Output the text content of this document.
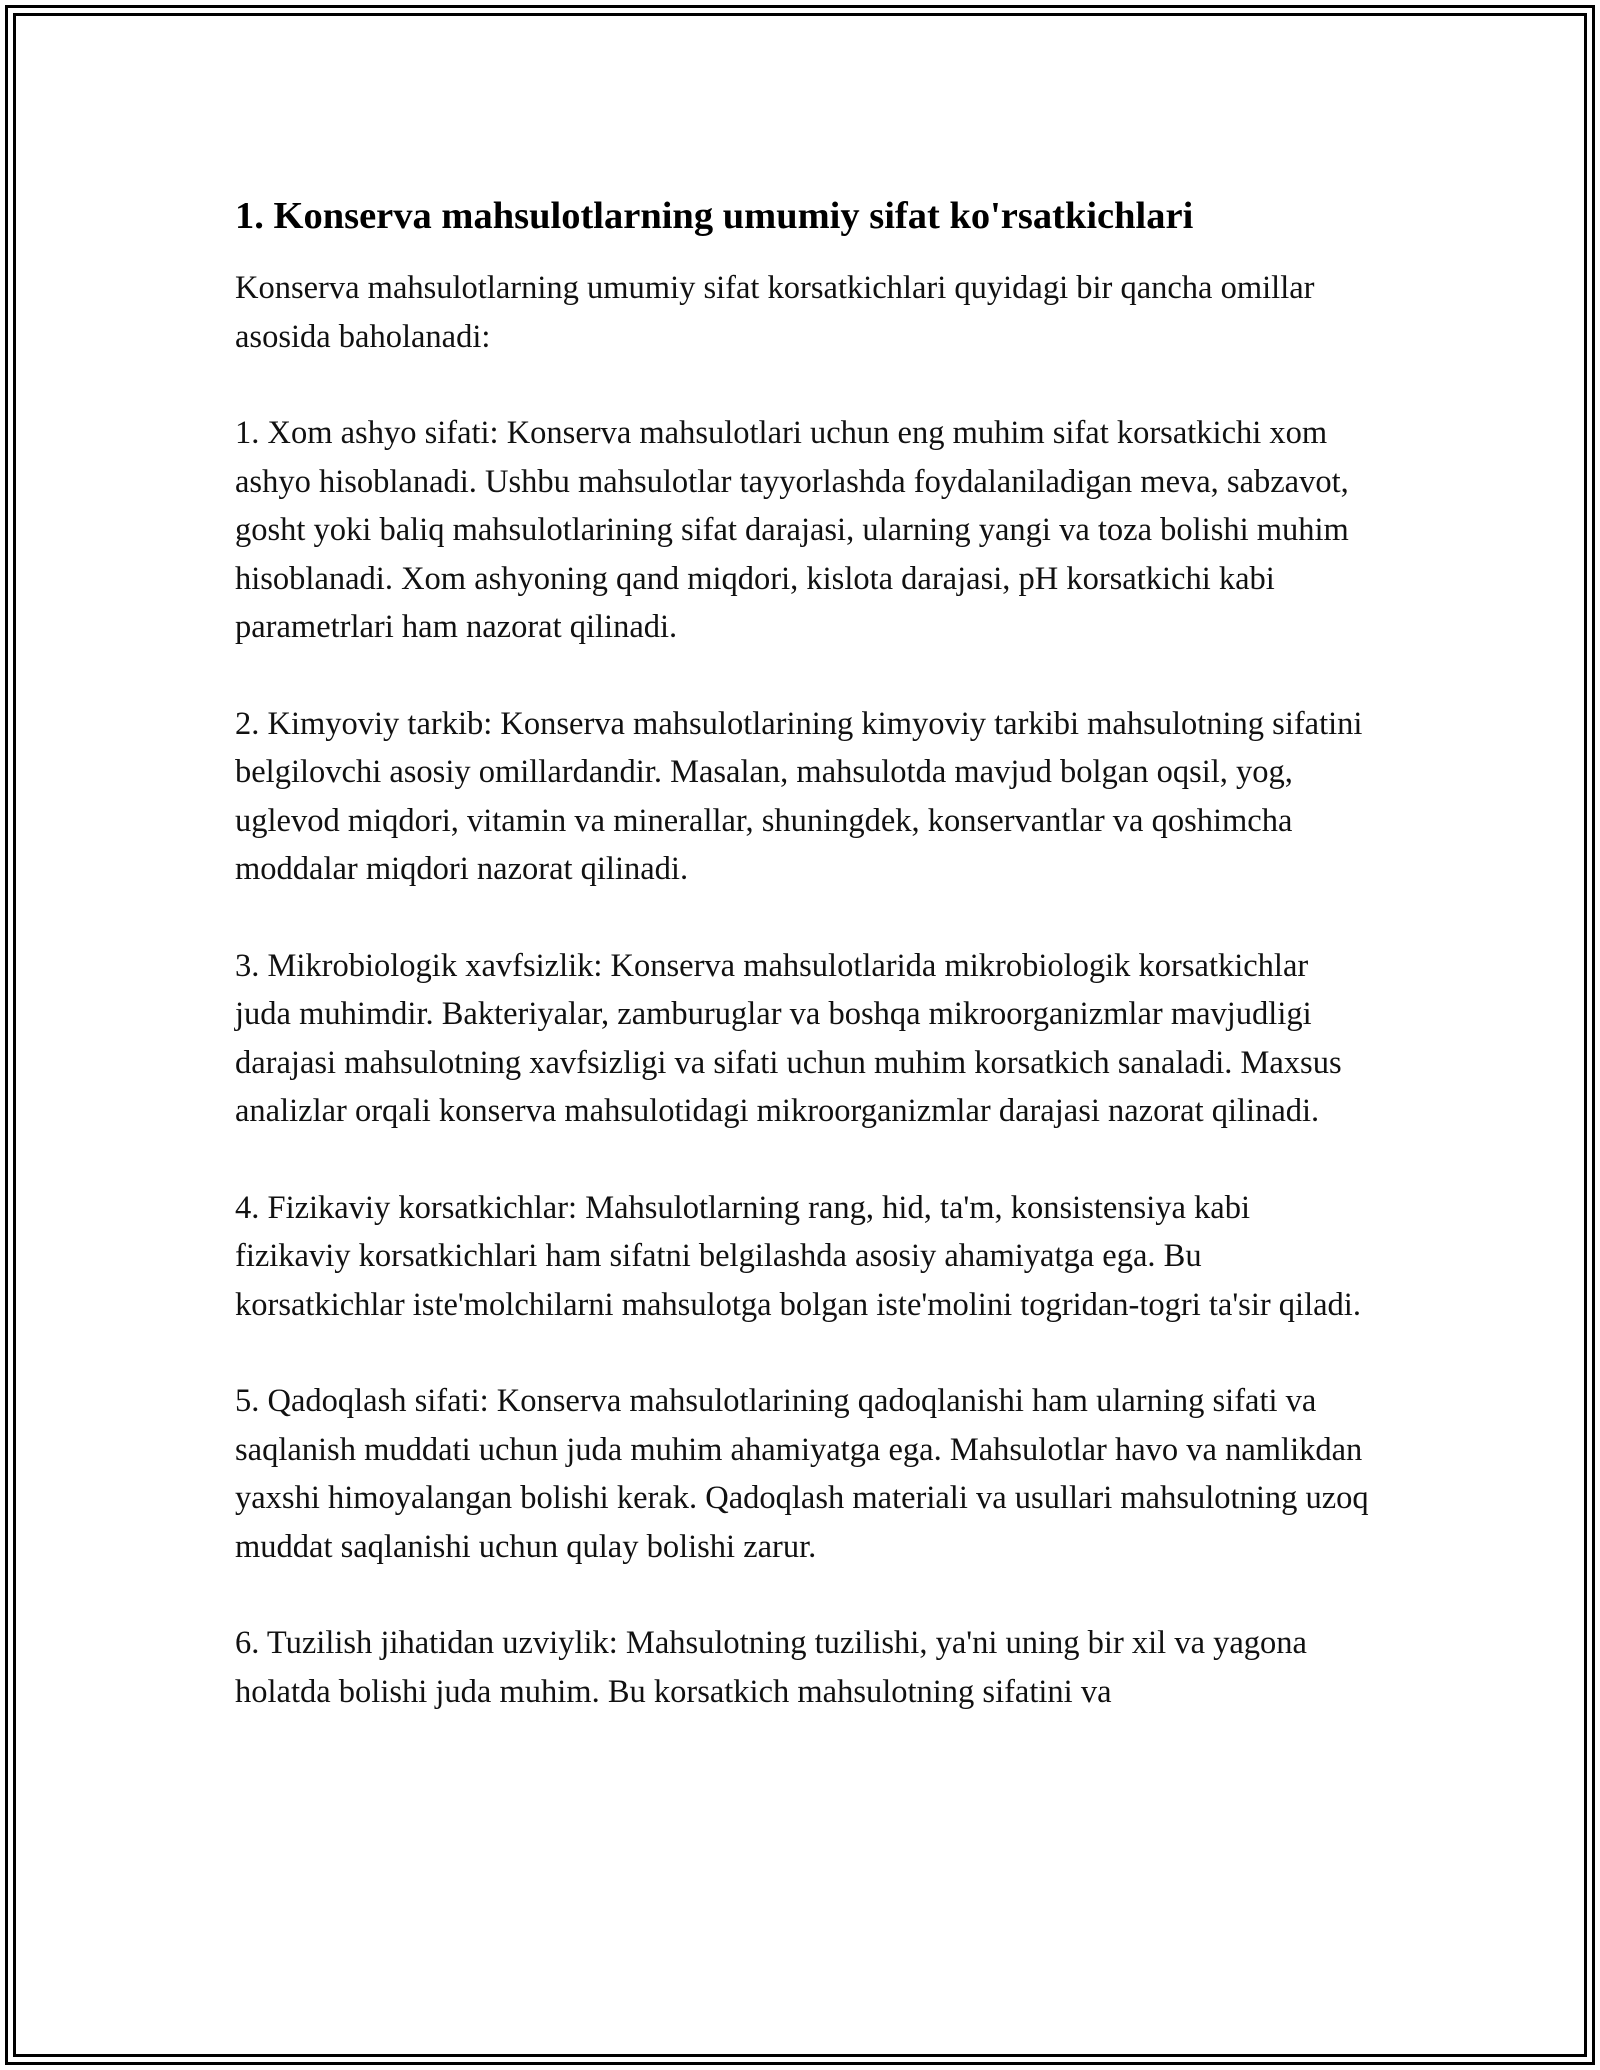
1. Konserva mahsulotlarning umumiy sifat ko'rsatkichlari

Konserva mahsulotlarning umumiy sifat korsatkichlari quyidagi bir qancha omillar asosida baholanadi:

1. Xom ashyo sifati: Konserva mahsulotlari uchun eng muhim sifat korsatkichi xom ashyo hisoblanadi. Ushbu mahsulotlar tayyorlashda foydalaniladigan meva, sabzavot, gosht yoki baliq mahsulotlarining sifat darajasi, ularning yangi va toza bolishi muhim hisoblanadi. Xom ashyoning qand miqdori, kislota darajasi, pH korsatkichi kabi parametrlari ham nazorat qilinadi.

2. Kimyoviy tarkib: Konserva mahsulotlarining kimyoviy tarkibi mahsulotning sifatini belgilovchi asosiy omillardandir. Masalan, mahsulotda mavjud bolgan oqsil, yog, uglevod miqdori, vitamin va minerallar, shuningdek, konservantlar va qoshimcha moddalar miqdori nazorat qilinadi.

3. Mikrobiologik xavfsizlik: Konserva mahsulotlarida mikrobiologik korsatkichlar juda muhimdir. Bakteriyalar, zamburuglar va boshqa mikroorganizmlar mavjudligi darajasi mahsulotning xavfsizligi va sifati uchun muhim korsatkich sanaladi. Maxsus analizlar orqali konserva mahsulotidagi mikroorganizmlar darajasi nazorat qilinadi.

4. Fizikaviy korsatkichlar: Mahsulotlarning rang, hid, ta'm, konsistensiya kabi fizikaviy korsatkichlari ham sifatni belgilashda asosiy ahamiyatga ega. Bu korsatkichlar iste'molchilarni mahsulotga bolgan iste'molini togridan-togri ta'sir qiladi.

5. Qadoqlash sifati: Konserva mahsulotlarining qadoqlanishi ham ularning sifati va saqlanish muddati uchun juda muhim ahamiyatga ega. Mahsulotlar havo va namlikdan yaxshi himoyalangan bolishi kerak. Qadoqlash materiali va usullari mahsulotning uzoq muddat saqlanishi uchun qulay bolishi zarur.

6. Tuzilish jihatidan uzviylik: Mahsulotning tuzilishi, ya'ni uning bir xil va yagona holatda bolishi juda muhim. Bu korsatkich mahsulotning sifatini va
